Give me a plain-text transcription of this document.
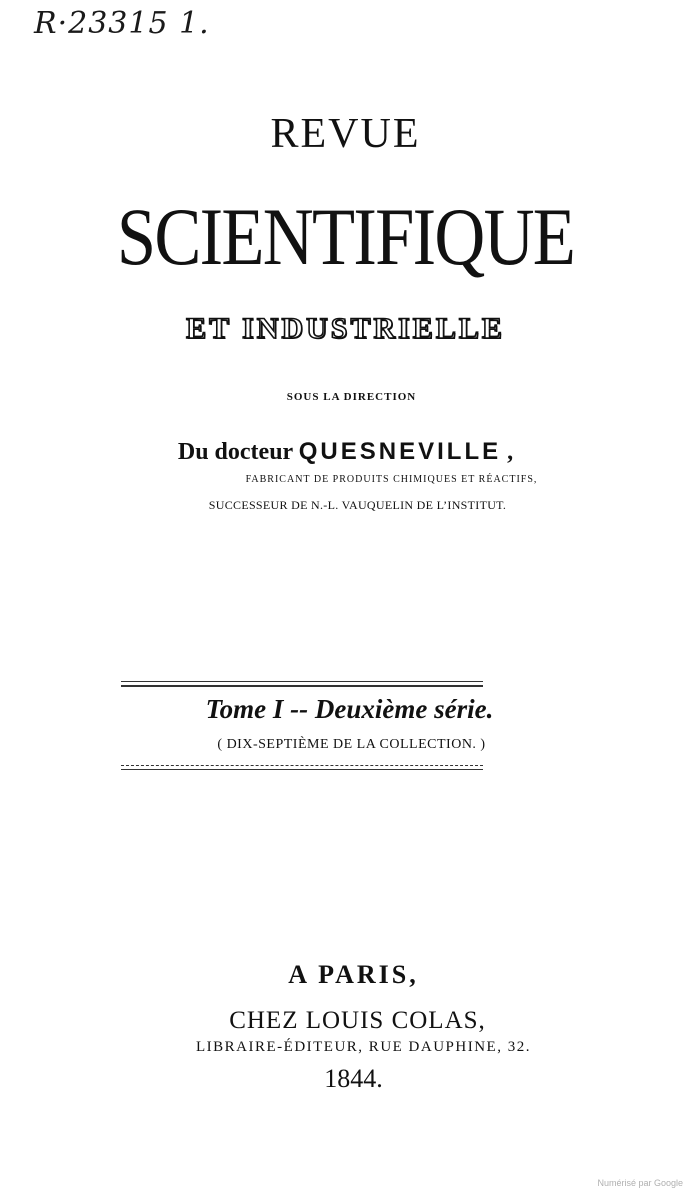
R·23315 1.
REVUE
SCIENTIFIQUE
ET INDUSTRIELLE
SOUS LA DIRECTION
Du docteur QUESNEVILLE ,
FABRICANT DE PRODUITS CHIMIQUES ET RÉACTIFS,
SUCCESSEUR DE N.-L. VAUQUELIN DE L’INSTITUT.
Tome I -- Deuxième série.
( DIX-SEPTIÈME DE LA COLLECTION. )
A PARIS,
CHEZ LOUIS COLAS,
LIBRAIRE-ÉDITEUR, RUE DAUPHINE, 32.
1844.
Numérisé par Google
